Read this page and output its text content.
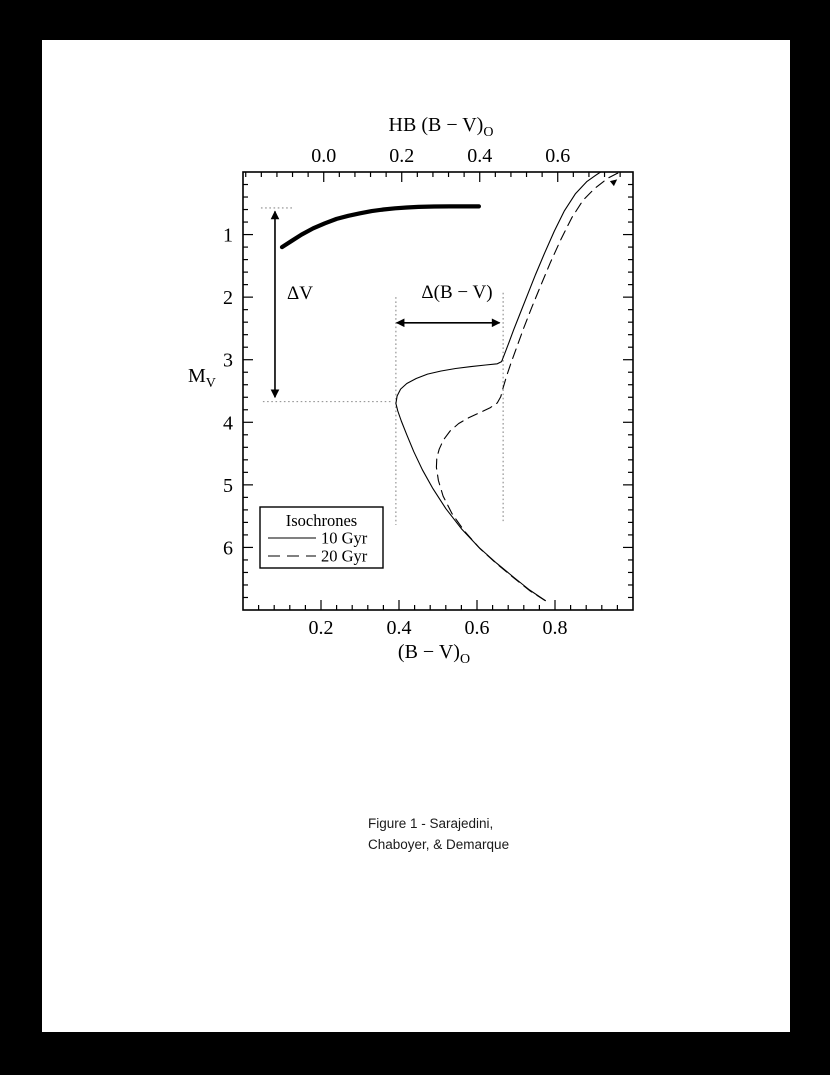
0.0	0.2	0.4	0.6
0.2	0.4	0.6	0.8
1
2
3
4
5
6
HB $(B - V)_O$
$(B - V)_O$
$M_V$
ΔV	Δ(B − V)
Isochrones
10 Gyr
20 Gyr
Figure 1 - Sarajedini,
Chaboyer, & Demarque
